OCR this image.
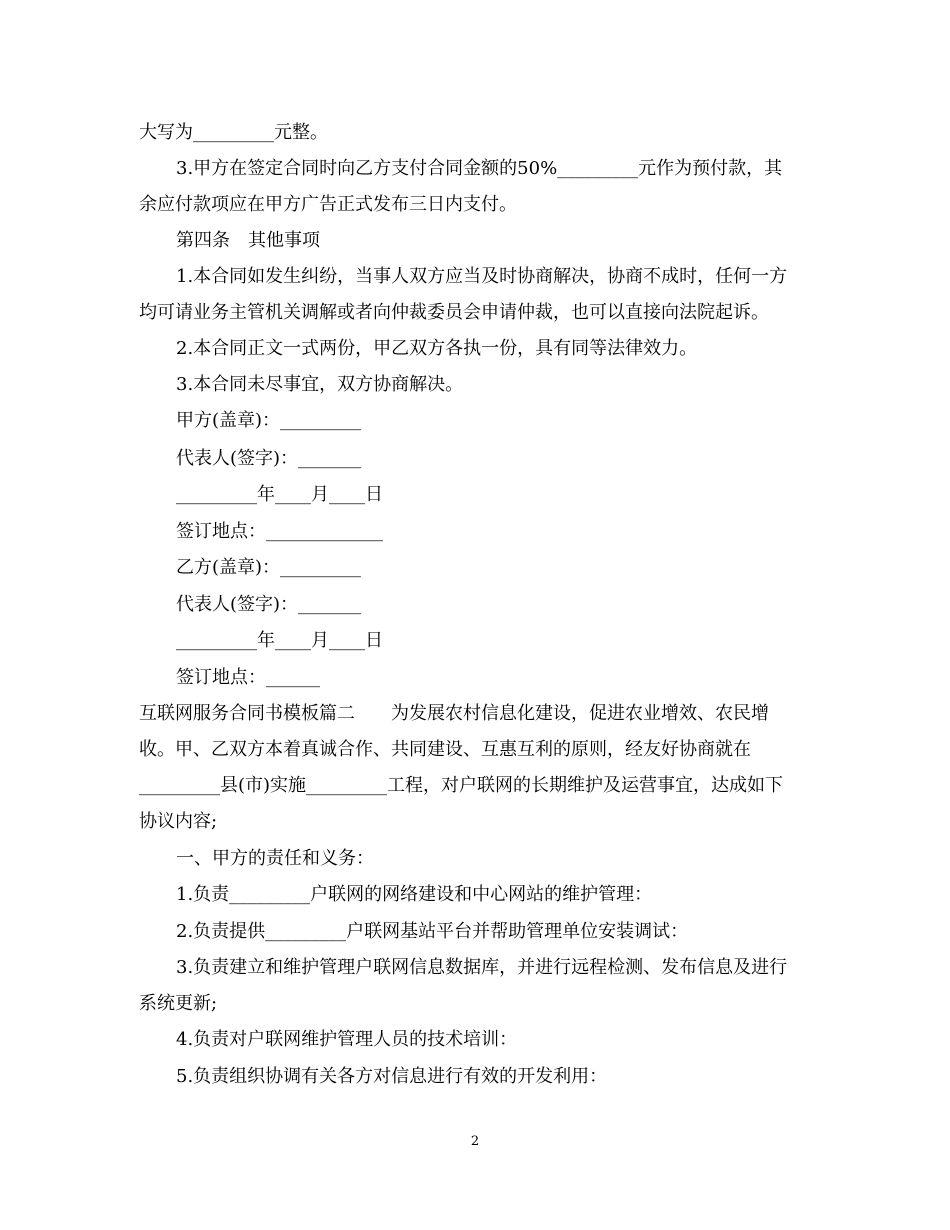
大写为_________元整。
3.甲方在签定合同时向乙方支付合同金额的50%_________元作为预付款，其
余应付款项应在甲方广告正式发布三日内支付。
第四条　其他事项
1.本合同如发生纠纷，当事人双方应当及时协商解决，协商不成时，任何一方
均可请业务主管机关调解或者向仲裁委员会申请仲裁，也可以直接向法院起诉。
2.本合同正文一式两份，甲乙双方各执一份，具有同等法律效力。
3.本合同未尽事宜，双方协商解决。
甲方(盖章)：_________
代表人(签字)：_______
_________年____月____日
签订地点：_____________
乙方(盖章)：_________
代表人(签字)：_______
_________年____月____日
签订地点：______
互联网服务合同书模板篇二　　为发展农村信息化建设，促进农业增效、农民增
收。甲、乙双方本着真诚合作、共同建设、互惠互利的原则，经友好协商就在
_________县(市)实施_________工程，对户联网的长期维护及运营事宜，达成如下
协议内容;
一、甲方的责任和义务：
1.负责_________户联网的网络建设和中心网站的维护管理：
2.负责提供_________户联网基站平台并帮助管理单位安装调试：
3.负责建立和维护管理户联网信息数据库，并进行远程检测、发布信息及进行
系统更新;
4.负责对户联网维护管理人员的技术培训：
5.负责组织协调有关各方对信息进行有效的开发利用：
2
